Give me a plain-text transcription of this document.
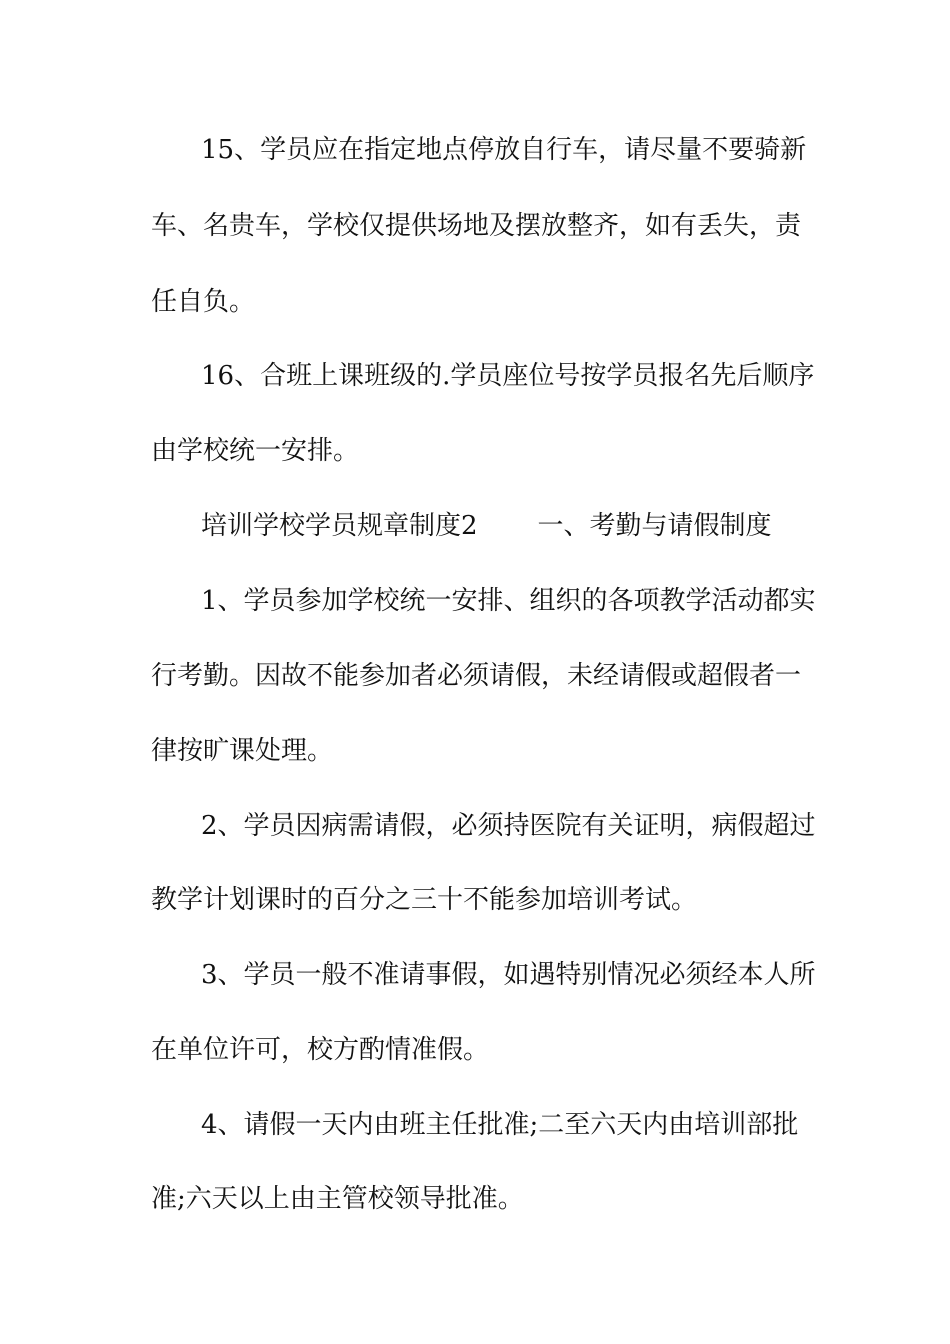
15、学员应在指定地点停放自行车，请尽量不要骑新
车、名贵车，学校仅提供场地及摆放整齐，如有丢失，责
任自负。
16、合班上课班级的.学员座位号按学员报名先后顺序
由学校统一安排。
培训学校学员规章制度2 一、考勤与请假制度
1、学员参加学校统一安排、组织的各项教学活动都实
行考勤。因故不能参加者必须请假，未经请假或超假者一
律按旷课处理。
2、学员因病需请假，必须持医院有关证明，病假超过
教学计划课时的百分之三十不能参加培训考试。
3、学员一般不准请事假，如遇特别情况必须经本人所
在单位许可，校方酌情准假。
4、请假一天内由班主任批准;二至六天内由培训部批
准;六天以上由主管校领导批准。
